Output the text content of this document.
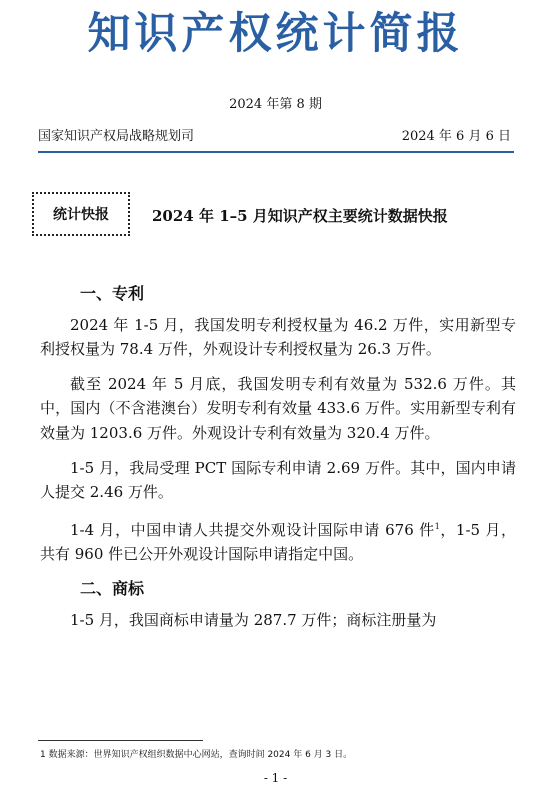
知识产权统计简报
2024 年第 8 期
国家知识产权局战略规划司	2024 年 6 月 6 日
统计快报	2024 年 1–5 月知识产权主要统计数据快报
一、专利

2024 年 1-5 月，我国发明专利授权量为 46.2 万件，实用新型专利授权量为 78.4 万件，外观设计专利授权量为 26.3 万件。

截至 2024 年 5 月底，我国发明专利有效量为 532.6 万件。其中，国内（不含港澳台）发明专利有效量 433.6 万件。实用新型专利有效量为 1203.6 万件。外观设计专利有效量为 320.4 万件。

1-5 月，我局受理 PCT 国际专利申请 2.69 万件。其中，国内申请人提交 2.46 万件。

1-4 月，中国申请人共提交外观设计国际申请 676 件$^1$，1-5 月，共有 960 件已公开外观设计国际申请指定中国。

二、商标

1-5 月，我国商标申请量为 287.7 万件；商标注册量为

1 数据来源：世界知识产权组织数据中心网站，查询时间 2024 年 6 月 3 日。
- 1 -
